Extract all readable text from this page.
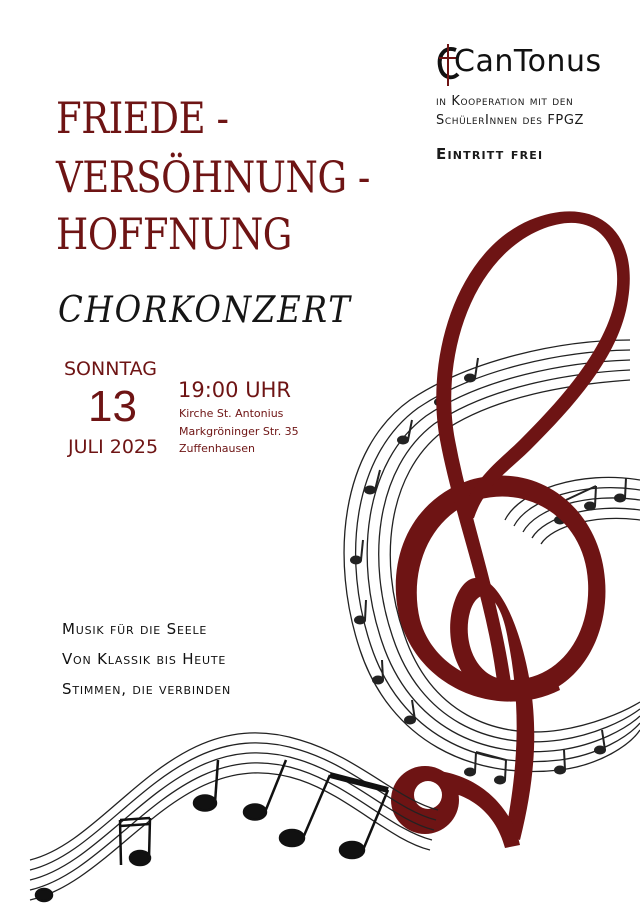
CanTonus
in Kooperation mit den
SchülerInnen des FPGZ
Eintritt frei
FRIEDE -
VERSÖHNUNG -
HOFFNUNG
CHORKONZERT
SONNTAG
13
JULI 2025
19:00 UHR
Kirche St. Antonius
Markgröninger Str. 35
Zuffenhausen
Musik für die Seele
Von Klassik bis Heute
Stimmen, die verbinden
